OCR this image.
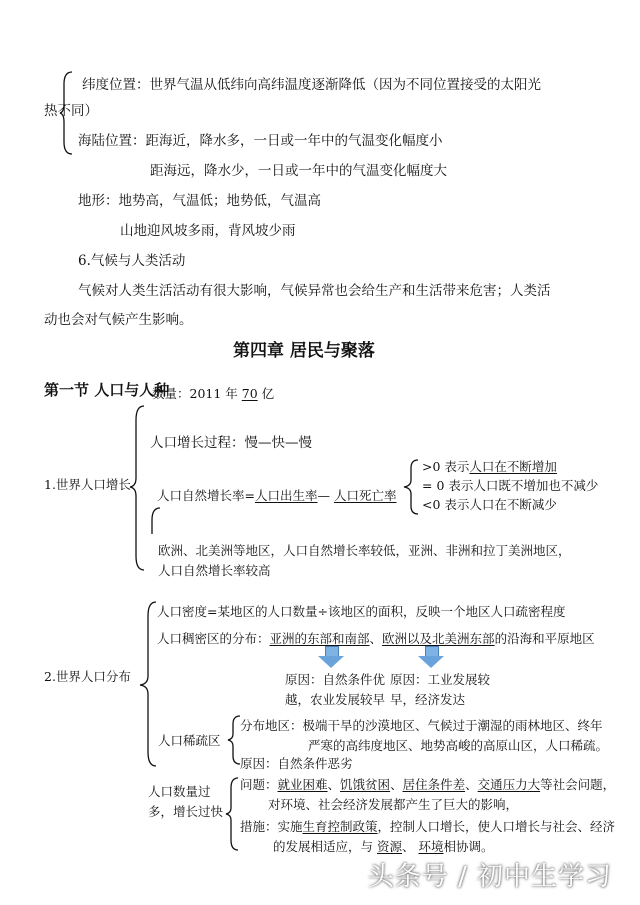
纬度位置：世界气温从低纬向高纬温度逐渐降低（因为不同位置接受的太阳光
热不同）
海陆位置：距海近，降水多，一日或一年中的气温变化幅度小
距海远，降水少，一日或一年中的气温变化幅度大
地形：地势高，气温低；地势低，气温高
山地迎风坡多雨，背风坡少雨
6.气候与人类活动
气候对人类生活活动有很大影响，气候异常也会给生产和生活带来危害；人类活
动也会对气候产生影响。
第四章 居民与聚落
第一节 人口与人种
数量：2011 年 70 亿
人口增长过程：慢—快—慢
1.世界人口增长
人口自然增长率=人口出生率— 人口死亡率
>0 表示人口在不断增加
= 0 表示人口既不增加也不减少
<0 表示人口在不断减少
欧洲、北美洲等地区，人口自然增长率较低，亚洲、非洲和拉丁美洲地区，
人口自然增长率较高
人口密度=某地区的人口数量÷该地区的面积，反映一个地区人口疏密程度
人口稠密区的分布：亚洲的东部和南部、欧洲以及北美洲东部的沿海和平原地区
2.世界人口分布	原因：自然条件优
越，农业发展较早
原因：工业发展较
早，经济发达
人口稀疏区
分布地区：极端干旱的沙漠地区、气候过于潮湿的雨林地区、终年
严寒的高纬度地区、地势高峻的高原山区，人口稀疏。
原因：自然条件恶劣
人口数量过
多，增长过快
问题：就业困难、饥饿贫困、居住条件差、交通压力大等社会问题，
对环境、社会经济发展都产生了巨大的影响，
措施：实施生育控制政策，控制人口增长，使人口增长与社会、经济
的发展相适应，与 资源、 环境相协调。
头条号 / 初中生学习
